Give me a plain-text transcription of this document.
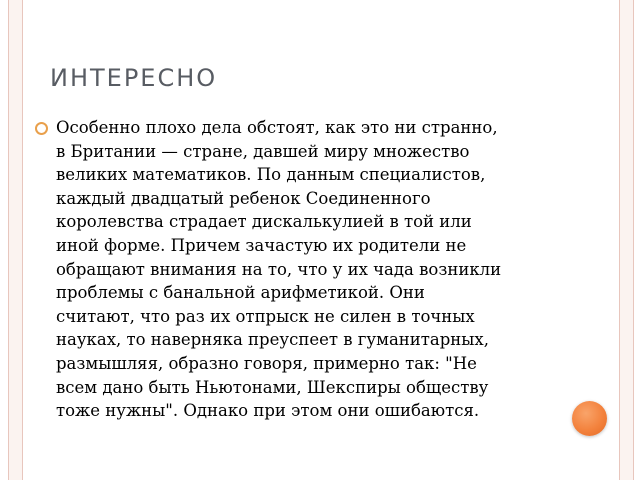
ИНТЕРЕСНО
Особенно плохо дела обстоят, как это ни странно,
в Британии — стране, давшей миру множество
великих математиков. По данным специалистов,
каждый двадцатый ребенок Соединенного
королевства страдает дискалькулией в той или
иной форме. Причем зачастую их родители не
обращают внимания на то, что у их чада возникли
проблемы с банальной арифметикой. Они
считают, что раз их отпрыск не силен в точных
науках, то наверняка преуспеет в гуманитарных,
размышляя, образно говоря, примерно так: "Не
всем дано быть Ньютонами, Шекспиры обществу
тоже нужны". Однако при этом они ошибаются.
